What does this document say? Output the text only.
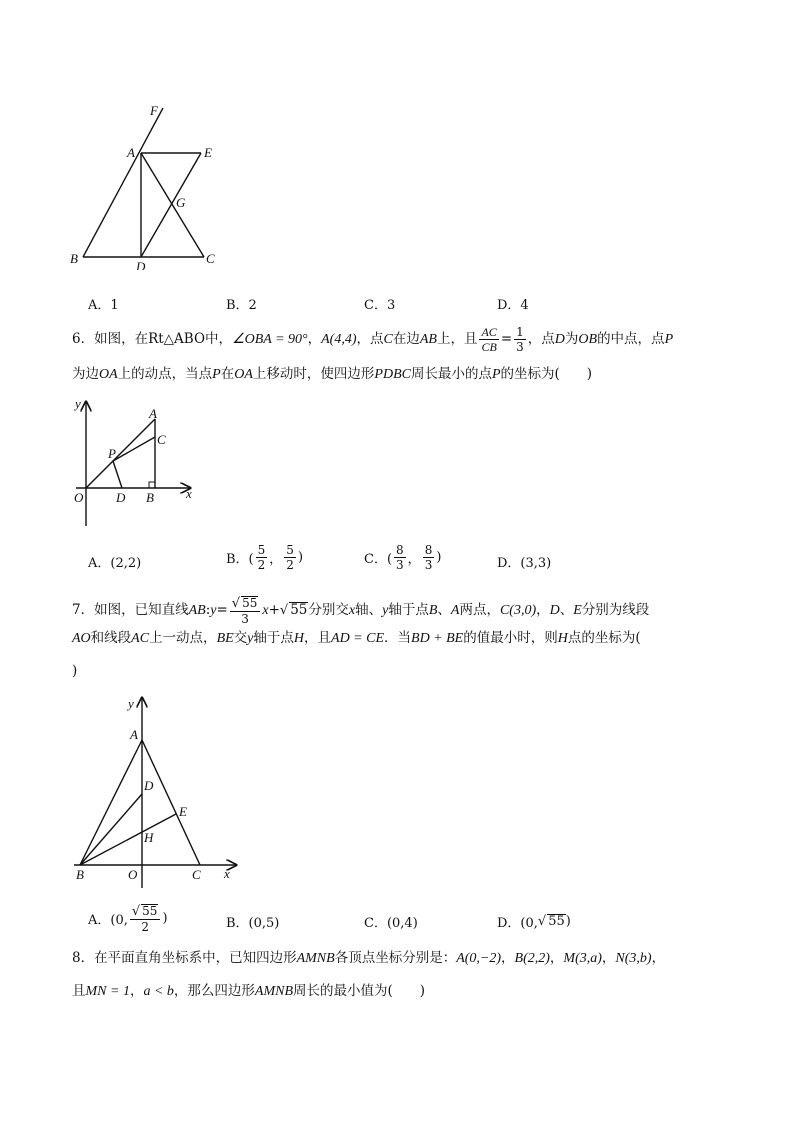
F
A	E
G
B
D
C
A．1	B．2	C．3	D．4
6．如图，在Rt△ABO中，∠OBA = 90°，A(4,4)，点C在边AB上，且 $\frac{AC}{CB} = \frac{1}{3}$ ，点D为OB的中点，点P
为边OA上的动点，当点P在OA上移动时，使四边形PDBC周长最小的点P的坐标为(　　)
y
A
C
P
O	D B x
A．(2,2)	B．( $\frac{5}{2}$ ， $\frac{5}{2}$ )	C．( $\frac{8}{3}$ ， $\frac{8}{3}$ )	D．(3,3)
7．如图，已知直线AB:y= $\frac{√ 55}{3} x+√$ 55分别交x轴、y轴于点B、A两点，C(3,0)，D、E分别为线段
AO和线段AC上一动点，BE交y轴于点H，且AD = CE．当BD + BE的值最小时，则H点的坐标为(
)
y
A
D
E
H
B	O	C x
A．(0, $\frac{√ 55}{2}$ )	B．(0,5)	C．(0,4)	D．(0, √ 55 )
8．在平面直角坐标系中，已知四边形AMNB各顶点坐标分别是：A(0,−2)，B(2,2)，M(3,a)，N(3,b)，
且MN = 1，a < b，那么四边形AMNB周长的最小值为(　　)
